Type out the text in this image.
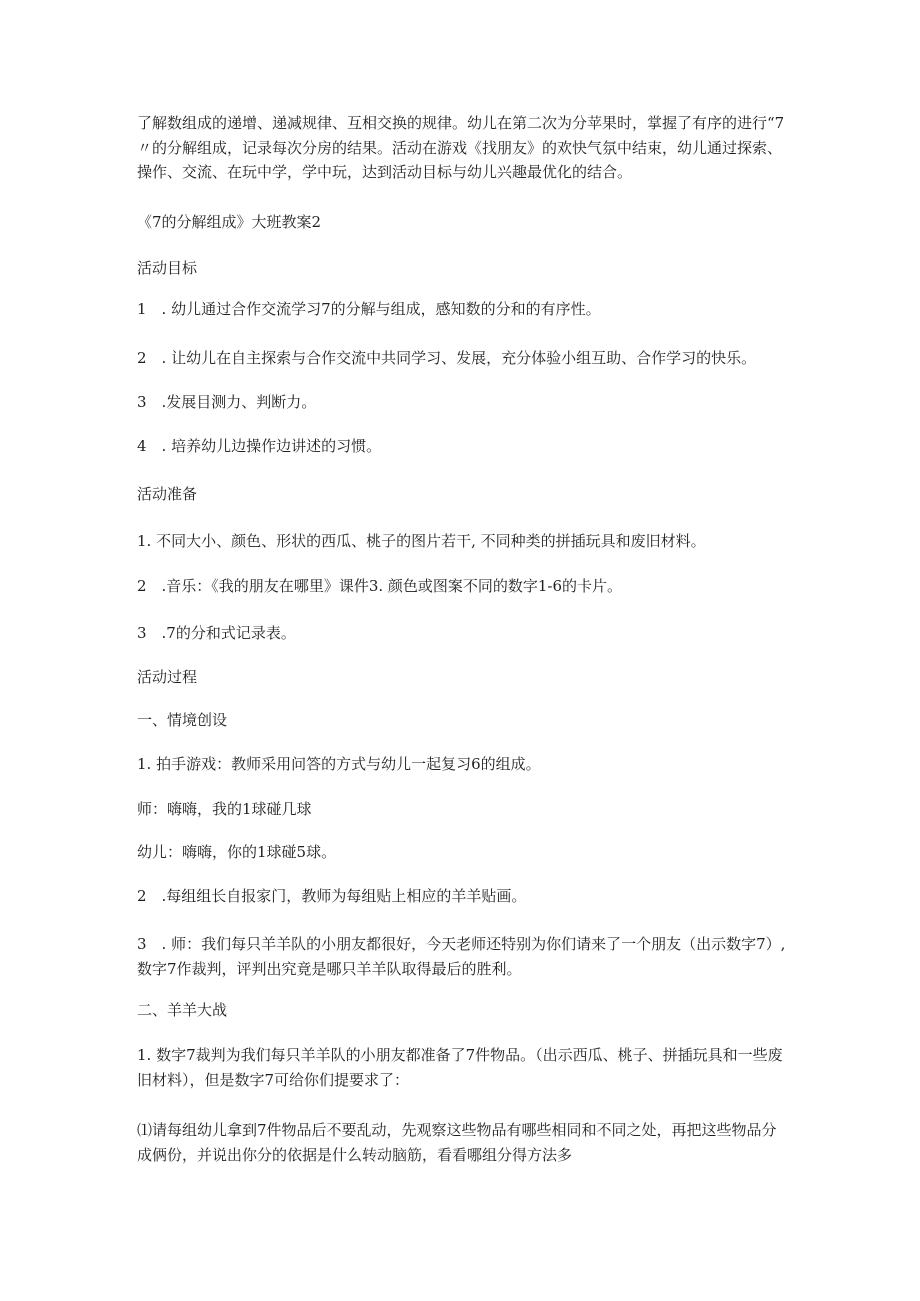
了解数组成的递增、递减规律、互相交换的规律。幼儿在第二次为分苹果时，掌握了有序的进行“7〃的分解组成，记录每次分房的结果。活动在游戏《找朋友》的欢快气氛中结束，幼儿通过探索、操作、交流、在玩中学，学中玩，达到活动目标与幼儿兴趣最优化的结合。

《7的分解组成》大班教案2

活动目标

1　. 幼儿通过合作交流学习7的分解与组成，感知数的分和的有序性。

2　. 让幼儿在自主探索与合作交流中共同学习、发展，充分体验小组互助、合作学习的快乐。

3　.发展目测力、判断力。

4　. 培养幼儿边操作边讲述的习惯。

活动准备

1. 不同大小、颜色、形状的西瓜、桃子的图片若干, 不同种类的拼插玩具和废旧材料。

2　.音乐：《我的朋友在哪里》课件3. 颜色或图案不同的数字1-6的卡片。

3　.7的分和式记录表。

活动过程

一、情境创设

1. 拍手游戏：教师采用问答的方式与幼儿一起复习6的组成。

师：嗨嗨，我的1球碰几球

幼儿：嗨嗨，你的1球碰5球。

2　.每组组长自报家门，教师为每组贴上相应的羊羊贴画。

3　. 师：我们每只羊羊队的小朋友都很好，今天老师还特别为你们请来了一个朋友（出示数字7）,数字7作裁判，评判出究竟是哪只羊羊队取得最后的胜利。

二、羊羊大战

1. 数字7裁判为我们每只羊羊队的小朋友都准备了7件物品。（出示西瓜、桃子、拼插玩具和一些废旧材料），但是数字7可给你们提要求了：

⑴请每组幼儿拿到7件物品后不要乱动，先观察这些物品有哪些相同和不同之处，再把这些物品分成俩份，并说出你分的依据是什么转动脑筋，看看哪组分得方法多
